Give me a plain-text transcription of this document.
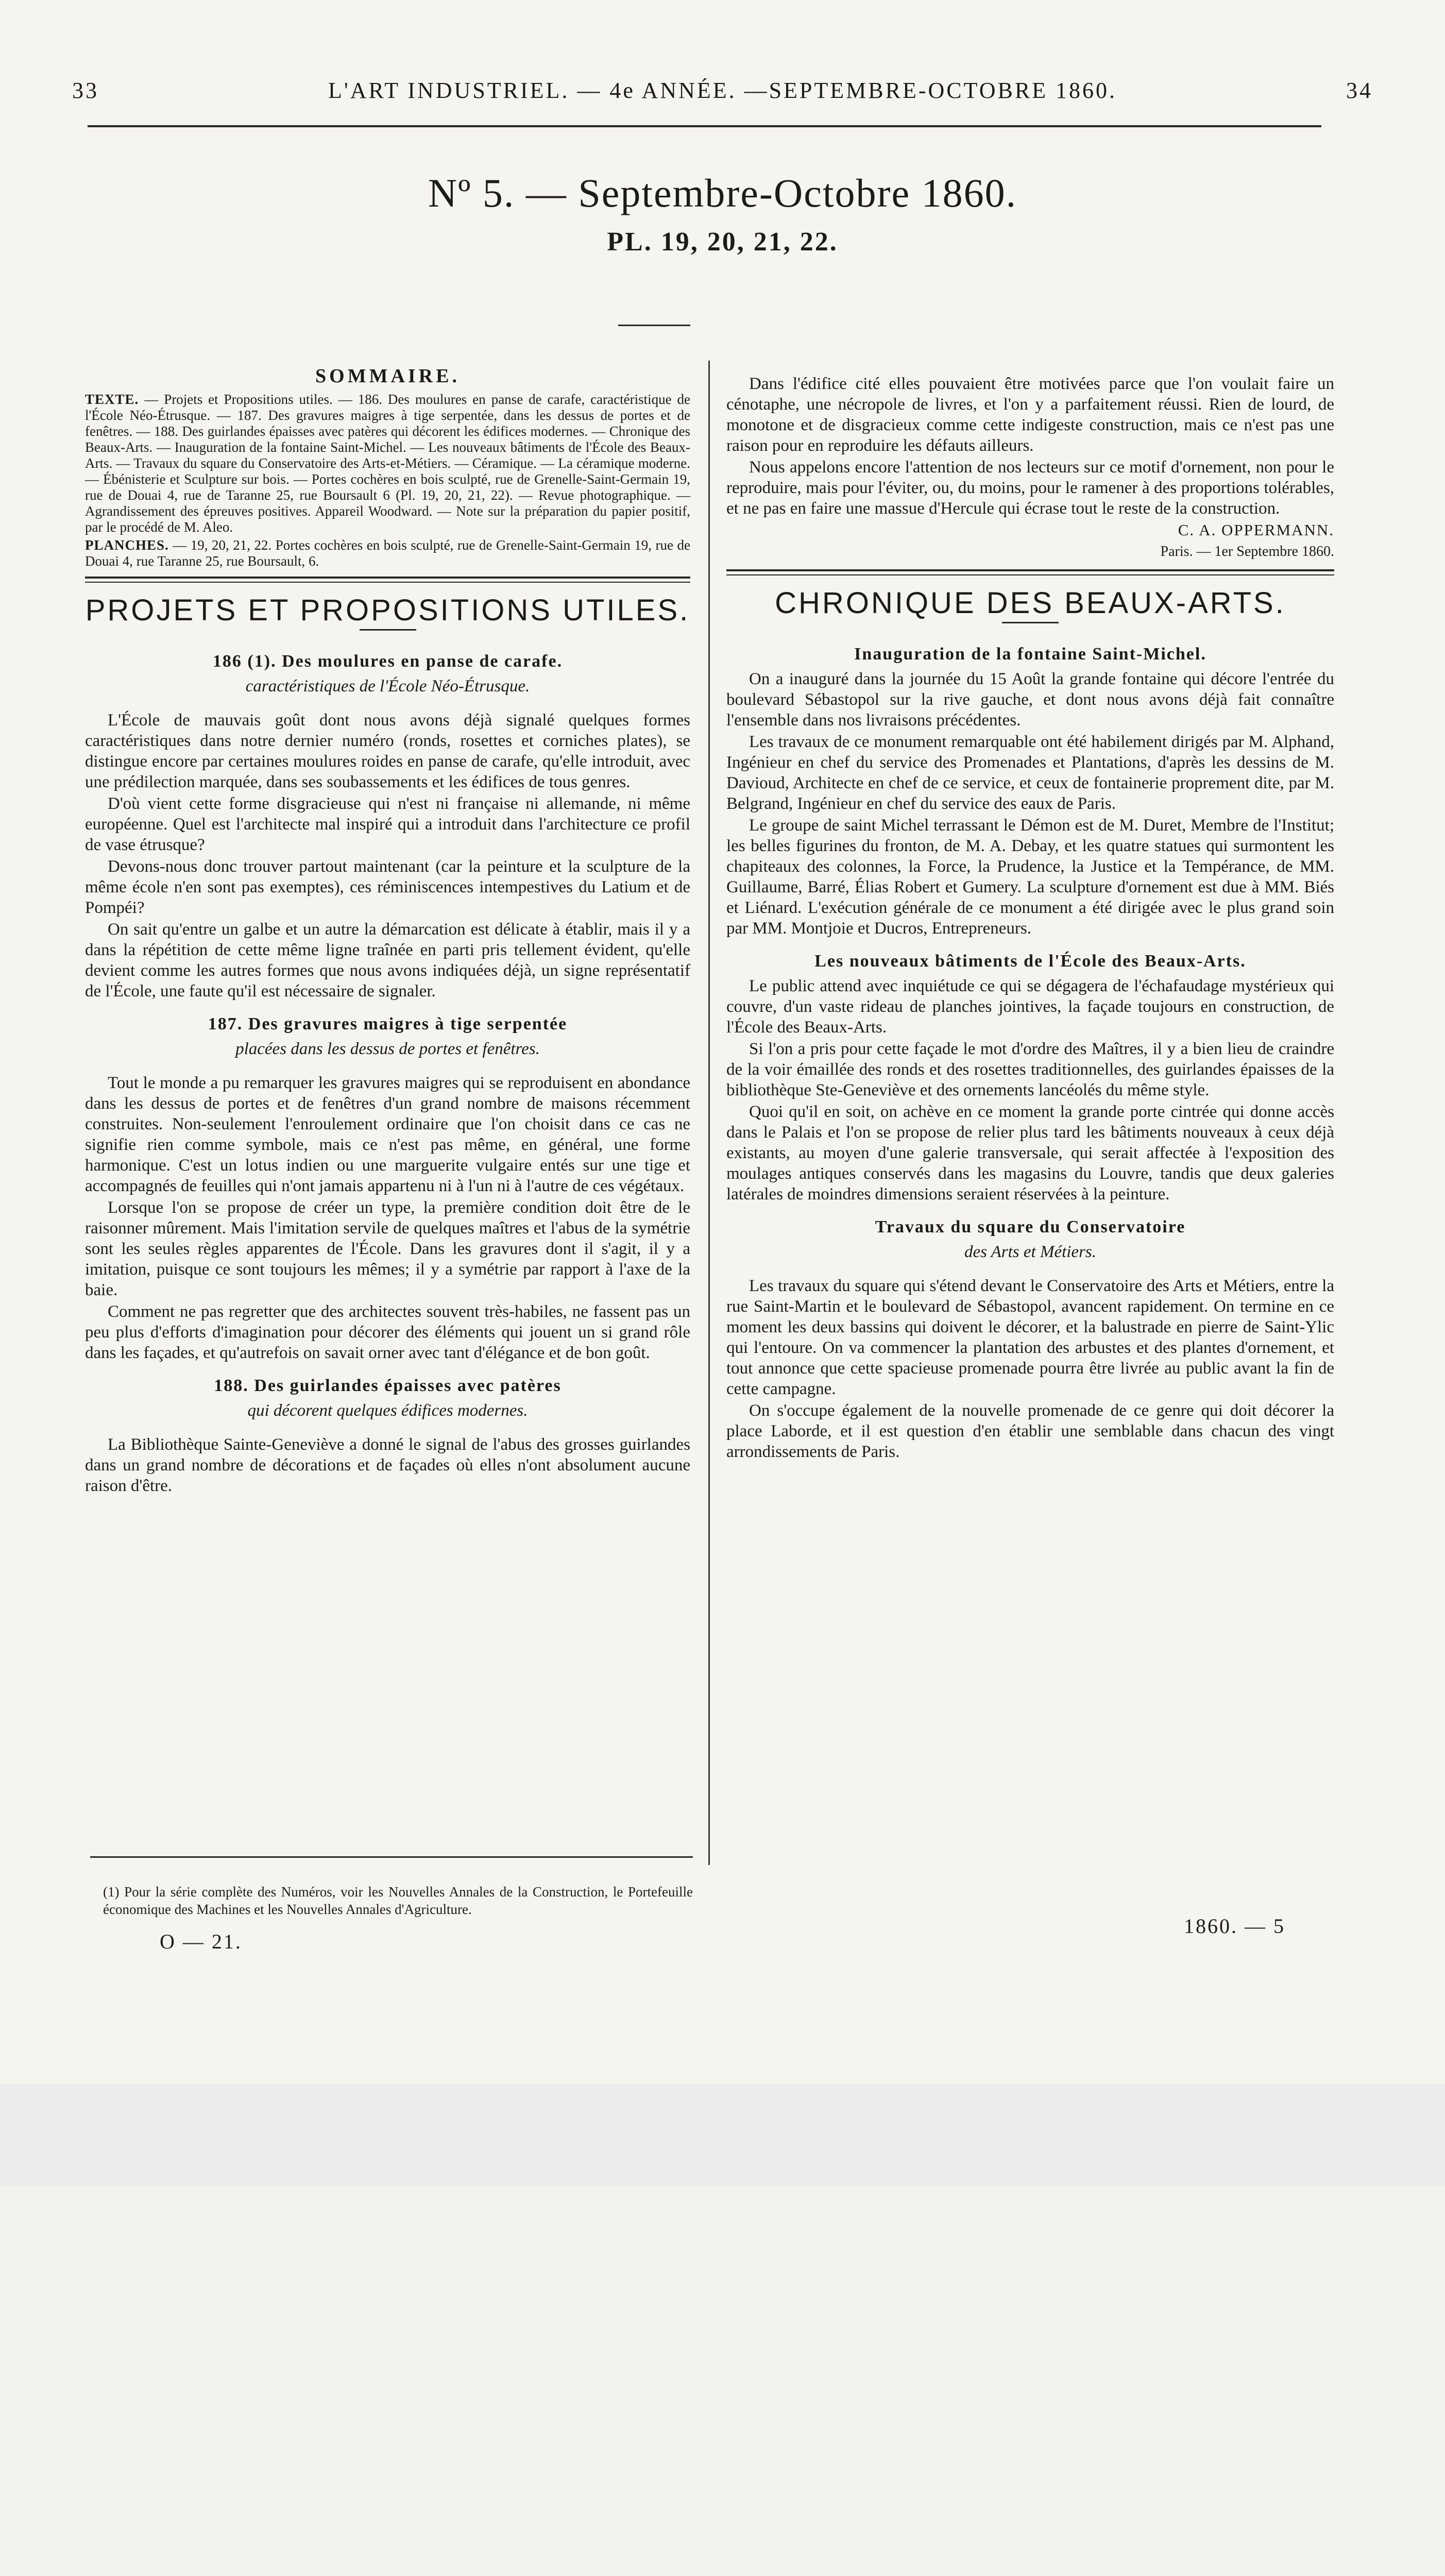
33	L'ART INDUSTRIEL. — 4e ANNÉE. —SEPTEMBRE-OCTOBRE 1860.	34
Nº 5. — Septembre-Octobre 1860.
PL. 19, 20, 21, 22.
SOMMAIRE.

TEXTE. — Projets et Propositions utiles. — 186. Des moulures en panse de carafe, caractéristique de l'École Néo-Étrusque. — 187. Des gravures maigres à tige serpentée, dans les dessus de portes et de fenêtres. — 188. Des guirlandes épaisses avec patères qui décorent les édifices modernes. — Chronique des Beaux-Arts. — Inauguration de la fontaine Saint-Michel. — Les nouveaux bâtiments de l'École des Beaux-Arts. — Travaux du square du Conservatoire des Arts-et-Métiers. — Céramique. — La céramique moderne. — Ébénisterie et Sculpture sur bois. — Portes cochères en bois sculpté, rue de Grenelle-Saint-Germain 19, rue de Douai 4, rue de Taranne 25, rue Boursault 6 (Pl. 19, 20, 21, 22). — Revue photographique. — Agrandissement des épreuves positives. Appareil Woodward. — Note sur la préparation du papier positif, par le procédé de M. Aleo.

PLANCHES. — 19, 20, 21, 22. Portes cochères en bois sculpté, rue de Grenelle-Saint-Germain 19, rue de Douai 4, rue Taranne 25, rue Boursault, 6.

PROJETS ET PROPOSITIONS UTILES.
186 (1). Des moulures en panse de carafe.
caractéristiques de l'École Néo-Étrusque.

L'École de mauvais goût dont nous avons déjà signalé quelques formes caractéristiques dans notre dernier numéro (ronds, rosettes et corniches plates), se distingue encore par certaines moulures roides en panse de carafe, qu'elle introduit, avec une prédilection marquée, dans ses soubassements et les édifices de tous genres.

D'où vient cette forme disgracieuse qui n'est ni française ni allemande, ni même européenne. Quel est l'architecte mal inspiré qui a introduit dans l'architecture ce profil de vase étrusque?

Devons-nous donc trouver partout maintenant (car la peinture et la sculpture de la même école n'en sont pas exemptes), ces réminiscences intempestives du Latium et de Pompéi?

On sait qu'entre un galbe et un autre la démarcation est délicate à établir, mais il y a dans la répétition de cette même ligne traînée en parti pris tellement évident, qu'elle devient comme les autres formes que nous avons indiquées déjà, un signe représentatif de l'École, une faute qu'il est nécessaire de signaler.

187. Des gravures maigres à tige serpentée
placées dans les dessus de portes et fenêtres.

Tout le monde a pu remarquer les gravures maigres qui se reproduisent en abondance dans les dessus de portes et de fenêtres d'un grand nombre de maisons récemment construites. Non-seulement l'enroulement ordinaire que l'on choisit dans ce cas ne signifie rien comme symbole, mais ce n'est pas même, en général, une forme harmonique. C'est un lotus indien ou une marguerite vulgaire entés sur une tige et accompagnés de feuilles qui n'ont jamais appartenu ni à l'un ni à l'autre de ces végétaux.

Lorsque l'on se propose de créer un type, la première condition doit être de le raisonner mûrement. Mais l'imitation servile de quelques maîtres et l'abus de la symétrie sont les seules règles apparentes de l'École. Dans les gravures dont il s'agit, il y a imitation, puisque ce sont toujours les mêmes; il y a symétrie par rapport à l'axe de la baie.

Comment ne pas regretter que des architectes souvent très-habiles, ne fassent pas un peu plus d'efforts d'imagination pour décorer des éléments qui jouent un si grand rôle dans les façades, et qu'autrefois on savait orner avec tant d'élégance et de bon goût.

188. Des guirlandes épaisses avec patères
qui décorent quelques édifices modernes.

La Bibliothèque Sainte-Geneviève a donné le signal de l'abus des grosses guirlandes dans un grand nombre de décorations et de façades où elles n'ont absolument aucune raison d'être.

Dans l'édifice cité elles pouvaient être motivées parce que l'on voulait faire un cénotaphe, une nécropole de livres, et l'on y a parfaitement réussi. Rien de lourd, de monotone et de disgracieux comme cette indigeste construction, mais ce n'est pas une raison pour en reproduire les défauts ailleurs.

Nous appelons encore l'attention de nos lecteurs sur ce motif d'ornement, non pour le reproduire, mais pour l'éviter, ou, du moins, pour le ramener à des proportions tolérables, et ne pas en faire une massue d'Hercule qui écrase tout le reste de la construction.

C. A. OPPERMANN.

Paris. — 1er Septembre 1860.

CHRONIQUE DES BEAUX-ARTS.
Inauguration de la fontaine Saint-Michel.

On a inauguré dans la journée du 15 Août la grande fontaine qui décore l'entrée du boulevard Sébastopol sur la rive gauche, et dont nous avons déjà fait connaître l'ensemble dans nos livraisons précédentes.

Les travaux de ce monument remarquable ont été habilement dirigés par M. Alphand, Ingénieur en chef du service des Promenades et Plantations, d'après les dessins de M. Davioud, Architecte en chef de ce service, et ceux de fontainerie proprement dite, par M. Belgrand, Ingénieur en chef du service des eaux de Paris.

Le groupe de saint Michel terrassant le Démon est de M. Duret, Membre de l'Institut; les belles figurines du fronton, de M. A. Debay, et les quatre statues qui surmontent les chapiteaux des colonnes, la Force, la Prudence, la Justice et la Tempérance, de MM. Guillaume, Barré, Élias Robert et Gumery. La sculpture d'ornement est due à MM. Biés et Liénard. L'exécution générale de ce monument a été dirigée avec le plus grand soin par MM. Montjoie et Ducros, Entrepreneurs.

Les nouveaux bâtiments de l'École des Beaux-Arts.

Le public attend avec inquiétude ce qui se dégagera de l'échafaudage mystérieux qui couvre, d'un vaste rideau de planches jointives, la façade toujours en construction, de l'École des Beaux-Arts.

Si l'on a pris pour cette façade le mot d'ordre des Maîtres, il y a bien lieu de craindre de la voir émaillée des ronds et des rosettes traditionnelles, des guirlandes épaisses de la bibliothèque Ste-Geneviève et des ornements lancéolés du même style.

Quoi qu'il en soit, on achève en ce moment la grande porte cintrée qui donne accès dans le Palais et l'on se propose de relier plus tard les bâtiments nouveaux à ceux déjà existants, au moyen d'une galerie transversale, qui serait affectée à l'exposition des moulages antiques conservés dans les magasins du Louvre, tandis que deux galeries latérales de moindres dimensions seraient réservées à la peinture.

Travaux du square du Conservatoire
des Arts et Métiers.

Les travaux du square qui s'étend devant le Conservatoire des Arts et Métiers, entre la rue Saint-Martin et le boulevard de Sébastopol, avancent rapidement. On termine en ce moment les deux bassins qui doivent le décorer, et la balustrade en pierre de Saint-Ylic qui l'entoure. On va commencer la plantation des arbustes et des plantes d'ornement, et tout annonce que cette spacieuse promenade pourra être livrée au public avant la fin de cette campagne.

On s'occupe également de la nouvelle promenade de ce genre qui doit décorer la place Laborde, et il est question d'en établir une semblable dans chacun des vingt arrondissements de Paris.

(1) Pour la série complète des Numéros, voir les Nouvelles Annales de la Construction, le Portefeuille économique des Machines et les Nouvelles Annales d'Agriculture.
O — 21.
1860. — 5
